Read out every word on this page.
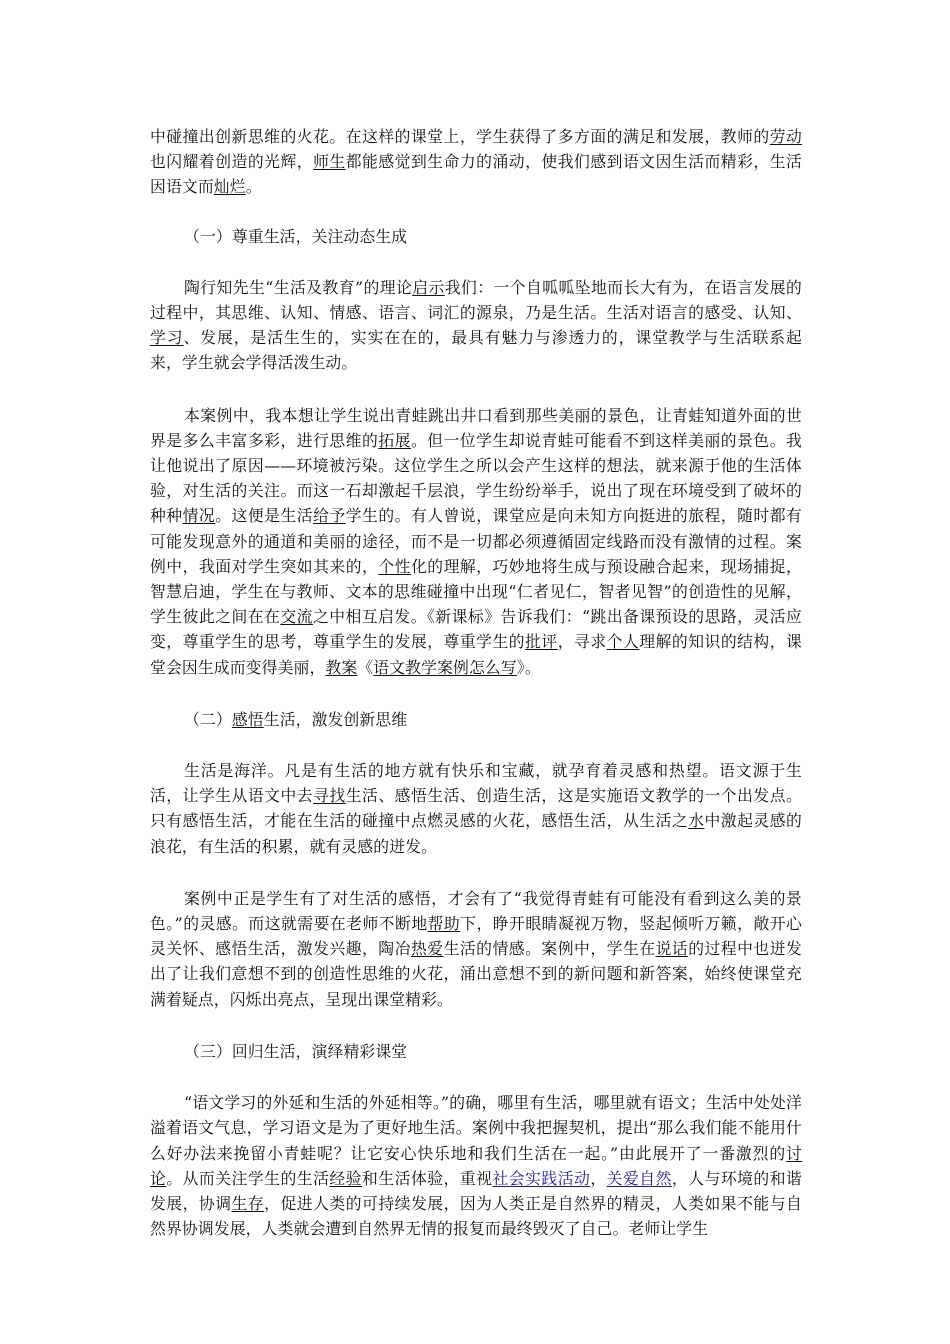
中碰撞出创新思维的火花。在这样的课堂上，学生获得了多方面的满足和发展，教师的劳动也闪耀着创造的光辉，师生都能感觉到生命力的涌动，使我们感到语文因生活而精彩，生活因语文而灿烂。

（一）尊重生活，关注动态生成

陶行知先生“生活及教育”的理论启示我们：一个自呱呱坠地而长大有为，在语言发展的过程中，其思维、认知、情感、语言、词汇的源泉，乃是生活。生活对语言的感受、认知、学习、发展，是活生生的，实实在在的，最具有魅力与渗透力的，课堂教学与生活联系起来，学生就会学得活泼生动。

本案例中，我本想让学生说出青蛙跳出井口看到那些美丽的景色，让青蛙知道外面的世界是多么丰富多彩，进行思维的拓展。但一位学生却说青蛙可能看不到这样美丽的景色。我让他说出了原因——环境被污染。这位学生之所以会产生这样的想法，就来源于他的生活体验，对生活的关注。而这一石却激起千层浪，学生纷纷举手，说出了现在环境受到了破坏的种种情况。这便是生活给予学生的。有人曾说，课堂应是向未知方向挺进的旅程，随时都有可能发现意外的通道和美丽的途径，而不是一切都必须遵循固定线路而没有激情的过程。案例中，我面对学生突如其来的，个性化的理解，巧妙地将生成与预设融合起来，现场捕捉，智慧启迪，学生在与教师、文本的思维碰撞中出现“仁者见仁，智者见智”的创造性的见解，学生彼此之间在在交流之中相互启发。《新课标》告诉我们：“跳出备课预设的思路，灵活应变，尊重学生的思考，尊重学生的发展，尊重学生的批评，寻求个人理解的知识的结构，课堂会因生成而变得美丽，教案《语文教学案例怎么写》。

（二）感悟生活，激发创新思维

生活是海洋。凡是有生活的地方就有快乐和宝藏，就孕育着灵感和热望。语文源于生活，让学生从语文中去寻找生活、感悟生活、创造生活，这是实施语文教学的一个出发点。只有感悟生活，才能在生活的碰撞中点燃灵感的火花，感悟生活，从生活之水中激起灵感的浪花，有生活的积累，就有灵感的迸发。

案例中正是学生有了对生活的感悟，才会有了“我觉得青蛙有可能没有看到这么美的景色。”的灵感。而这就需要在老师不断地帮助下，睁开眼睛凝视万物，竖起倾听万籁，敞开心灵关怀、感悟生活，激发兴趣，陶冶热爱生活的情感。案例中，学生在说话的过程中也迸发出了让我们意想不到的创造性思维的火花，涌出意想不到的新问题和新答案，始终使课堂充满着疑点，闪烁出亮点，呈现出课堂精彩。

（三）回归生活，演绎精彩课堂

“语文学习的外延和生活的外延相等。”的确，哪里有生活，哪里就有语文；生活中处处洋溢着语文气息，学习语文是为了更好地生活。案例中我把握契机，提出“那么我们能不能用什么好办法来挽留小青蛙呢？让它安心快乐地和我们生活在一起。”由此展开了一番激烈的讨论。从而关注学生的生活经验和生活体验，重视社会实践活动，关爱自然，人与环境的和谐发展，协调生存，促进人类的可持续发展，因为人类正是自然界的精灵，人类如果不能与自然界协调发展，人类就会遭到自然界无情的报复而最终毁灭了自己。老师让学生
